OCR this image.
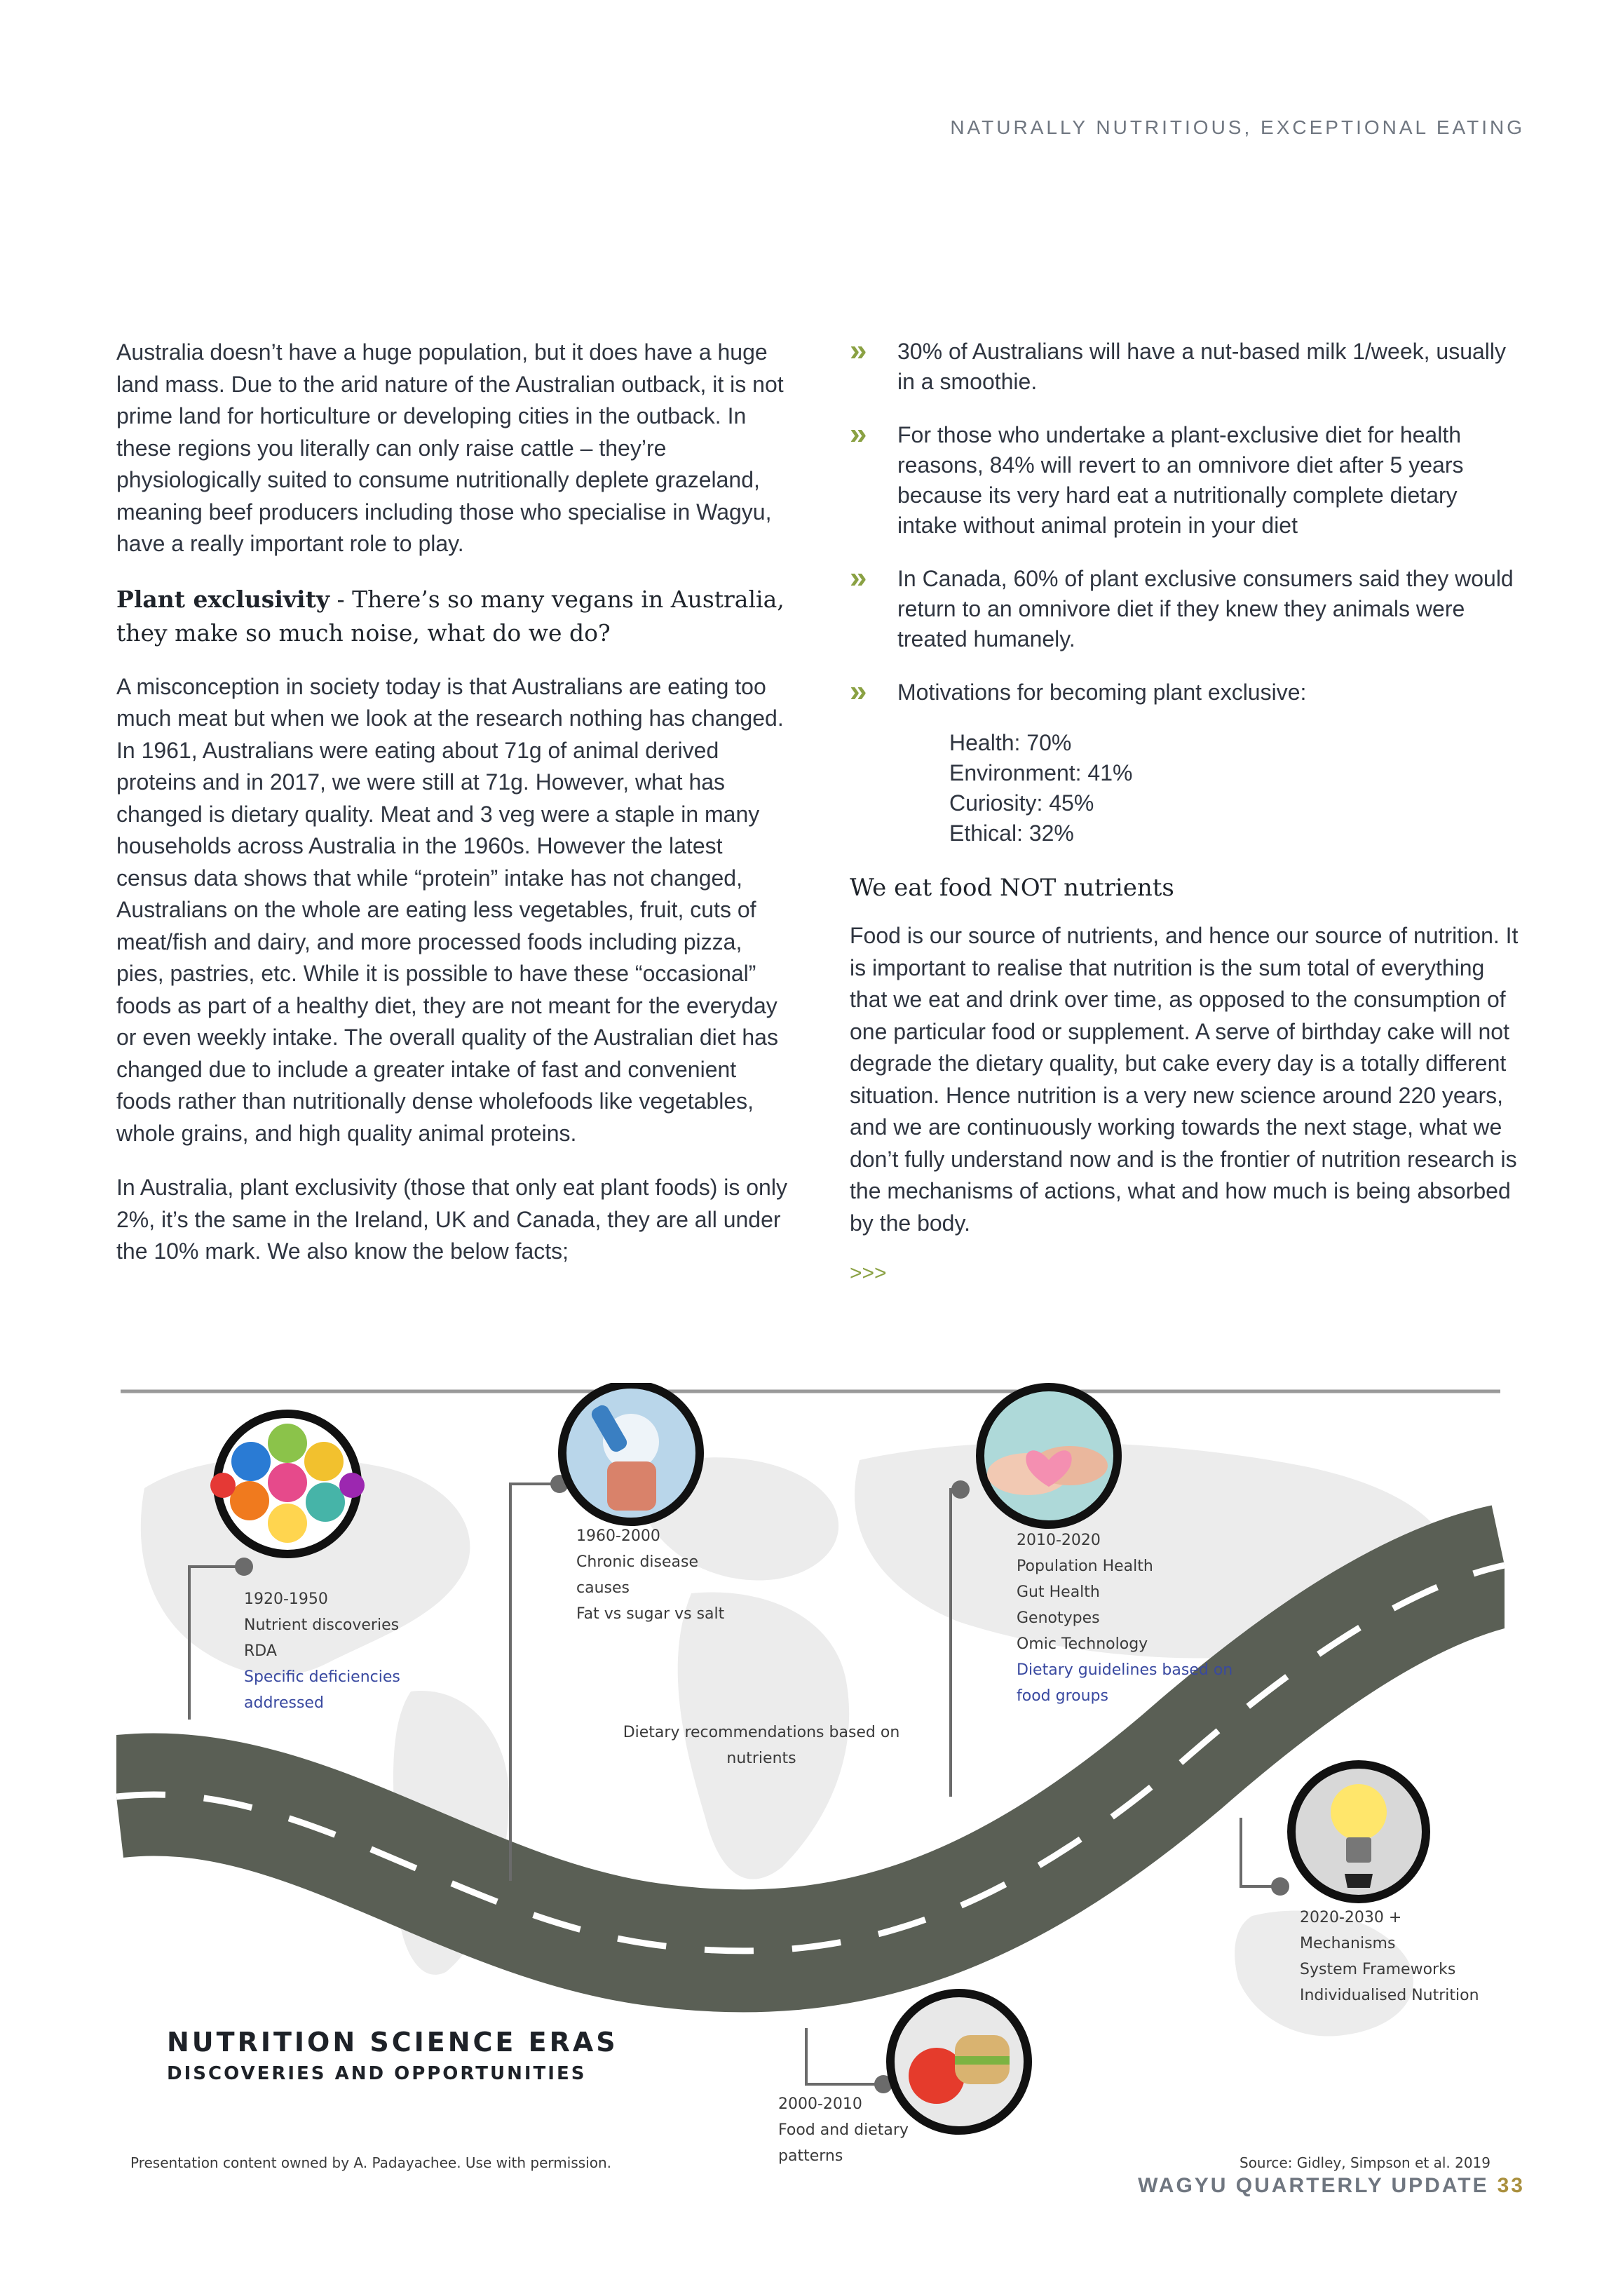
NATURALLY NUTRITIOUS, EXCEPTIONAL EATING

Australia doesn’t have a huge population, but it does have a huge land mass. Due to the arid nature of the Australian outback, it is not prime land for horticulture or developing cities in the outback. In these regions you literally can only raise cattle – they’re physiologically suited to consume nutritionally deplete grazeland, meaning beef producers including those who specialise in Wagyu, have a really important role to play.

Plant exclusivity - There’s so many vegans in Australia, they make so much noise, what do we do?

A misconception in society today is that Australians are eating too much meat but when we look at the research nothing has changed. In 1961, Australians were eating about 71g of animal derived proteins and in 2017, we were still at 71g. However, what has changed is dietary quality. Meat and 3 veg were a staple in many households across Australia in the 1960s. However the latest census data shows that while “protein” intake has not changed, Australians on the whole are eating less vegetables, fruit, cuts of meat/fish and dairy, and more processed foods including pizza, pies, pastries, etc. While it is possible to have these “occasional” foods as part of a healthy diet, they are not meant for the everyday or even weekly intake. The overall quality of the Australian diet has changed due to include a greater intake of fast and convenient foods rather than nutritionally dense wholefoods like vegetables, whole grains, and high quality animal proteins.

In Australia, plant exclusivity (those that only eat plant foods) is only 2%, it’s the same in the Ireland, UK and Canada, they are all under the 10% mark. We also know the below facts;

» 30% of Australians will have a nut-based milk 1/week, usually in a smoothie.
» For those who undertake a plant-exclusive diet for health reasons, 84% will revert to an omnivore diet after 5 years because its very hard eat a nutritionally complete dietary intake without animal protein in your diet
» In Canada, 60% of plant exclusive consumers said they would return to an omnivore diet if they knew they animals were treated humanely.
» Motivations for becoming plant exclusive:
Health: 70%
Environment: 41%
Curiosity: 45%
Ethical: 32%
We eat food NOT nutrients

Food is our source of nutrients, and hence our source of nutrition. It is important to realise that nutrition is the sum total of everything that we eat and drink over time, as opposed to the consumption of one particular food or supplement. A serve of birthday cake will not degrade the dietary quality, but cake every day is a totally different situation. Hence nutrition is a very new science around 220 years, and we are continuously working towards the next stage, what we don’t fully understand now and is the frontier of nutrition research is the mechanisms of actions, what and how much is being absorbed by the body.

>>>
1920-1950
Nutrient discoveries
RDA
Specific deficiencies
addressed
1960-2000
Chronic disease
causes
Fat vs sugar vs salt
Dietary recommendations based on
nutrients
2010-2020
Population Health
Gut Health
Genotypes
Omic Technology
Dietary guidelines based on
food groups
2020-2030 +
Mechanisms
System Frameworks
Individualised Nutrition
2000-2010
Food and dietary
patterns
NUTRITION SCIENCE ERAS
DISCOVERIES AND OPPORTUNITIES
Presentation content owned by A. Padayachee. Use with permission.	Source: Gidley, Simpson et al. 2019
WAGYU QUARTERLY UPDATE 33
